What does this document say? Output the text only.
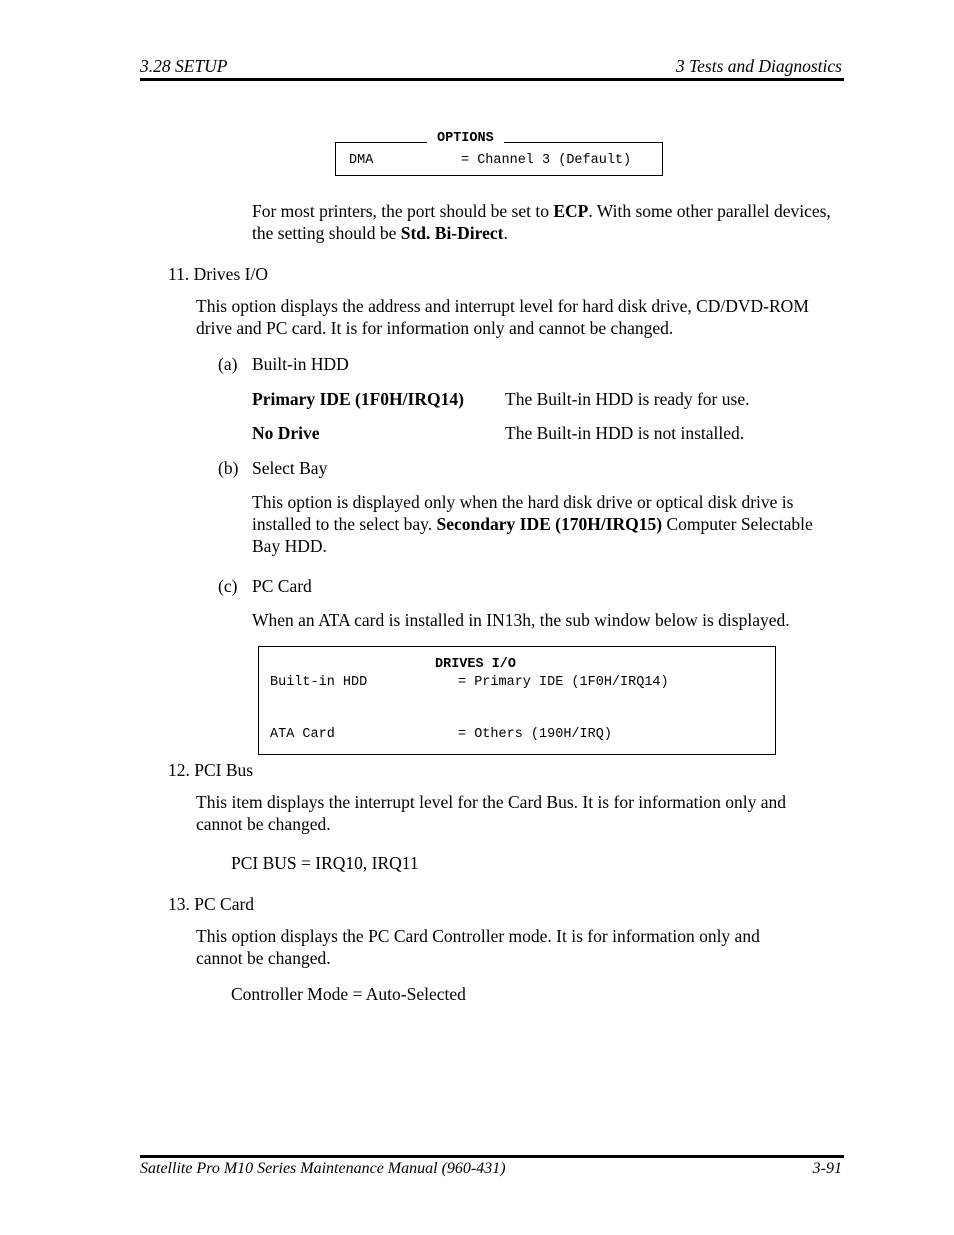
3.28 SETUP	3 Tests and Diagnostics
DMA	= Channel 3 (Default)
OPTIONS
For most printers, the port should be set to ECP. With some other parallel devices, the setting should be Std. Bi-Direct.
11. Drives I/O
This option displays the address and interrupt level for hard disk drive, CD/DVD-ROM drive and PC card. It is for information only and cannot be changed.
(a) Built-in HDD
Primary IDE (1F0H/IRQ14) The Built-in HDD is ready for use.
No Drive	The Built-in HDD is not installed.
(b) Select Bay
This option is displayed only when the hard disk drive or optical disk drive is installed to the select bay. Secondary IDE (170H/IRQ15) Computer Selectable Bay HDD.
(c) PC Card
When an ATA card is installed in IN13h, the sub window below is displayed.
DRIVES I/O
Built-in HDD	= Primary IDE (1F0H/IRQ14)
ATA Card	= Others (190H/IRQ)
12. PCI Bus
This item displays the interrupt level for the Card Bus. It is for information only and cannot be changed.
PCI BUS = IRQ10, IRQ11
13. PC Card
This option displays the PC Card Controller mode. It is for information only and cannot be changed.
Controller Mode = Auto-Selected
Satellite Pro M10 Series Maintenance Manual (960-431)	3-91
